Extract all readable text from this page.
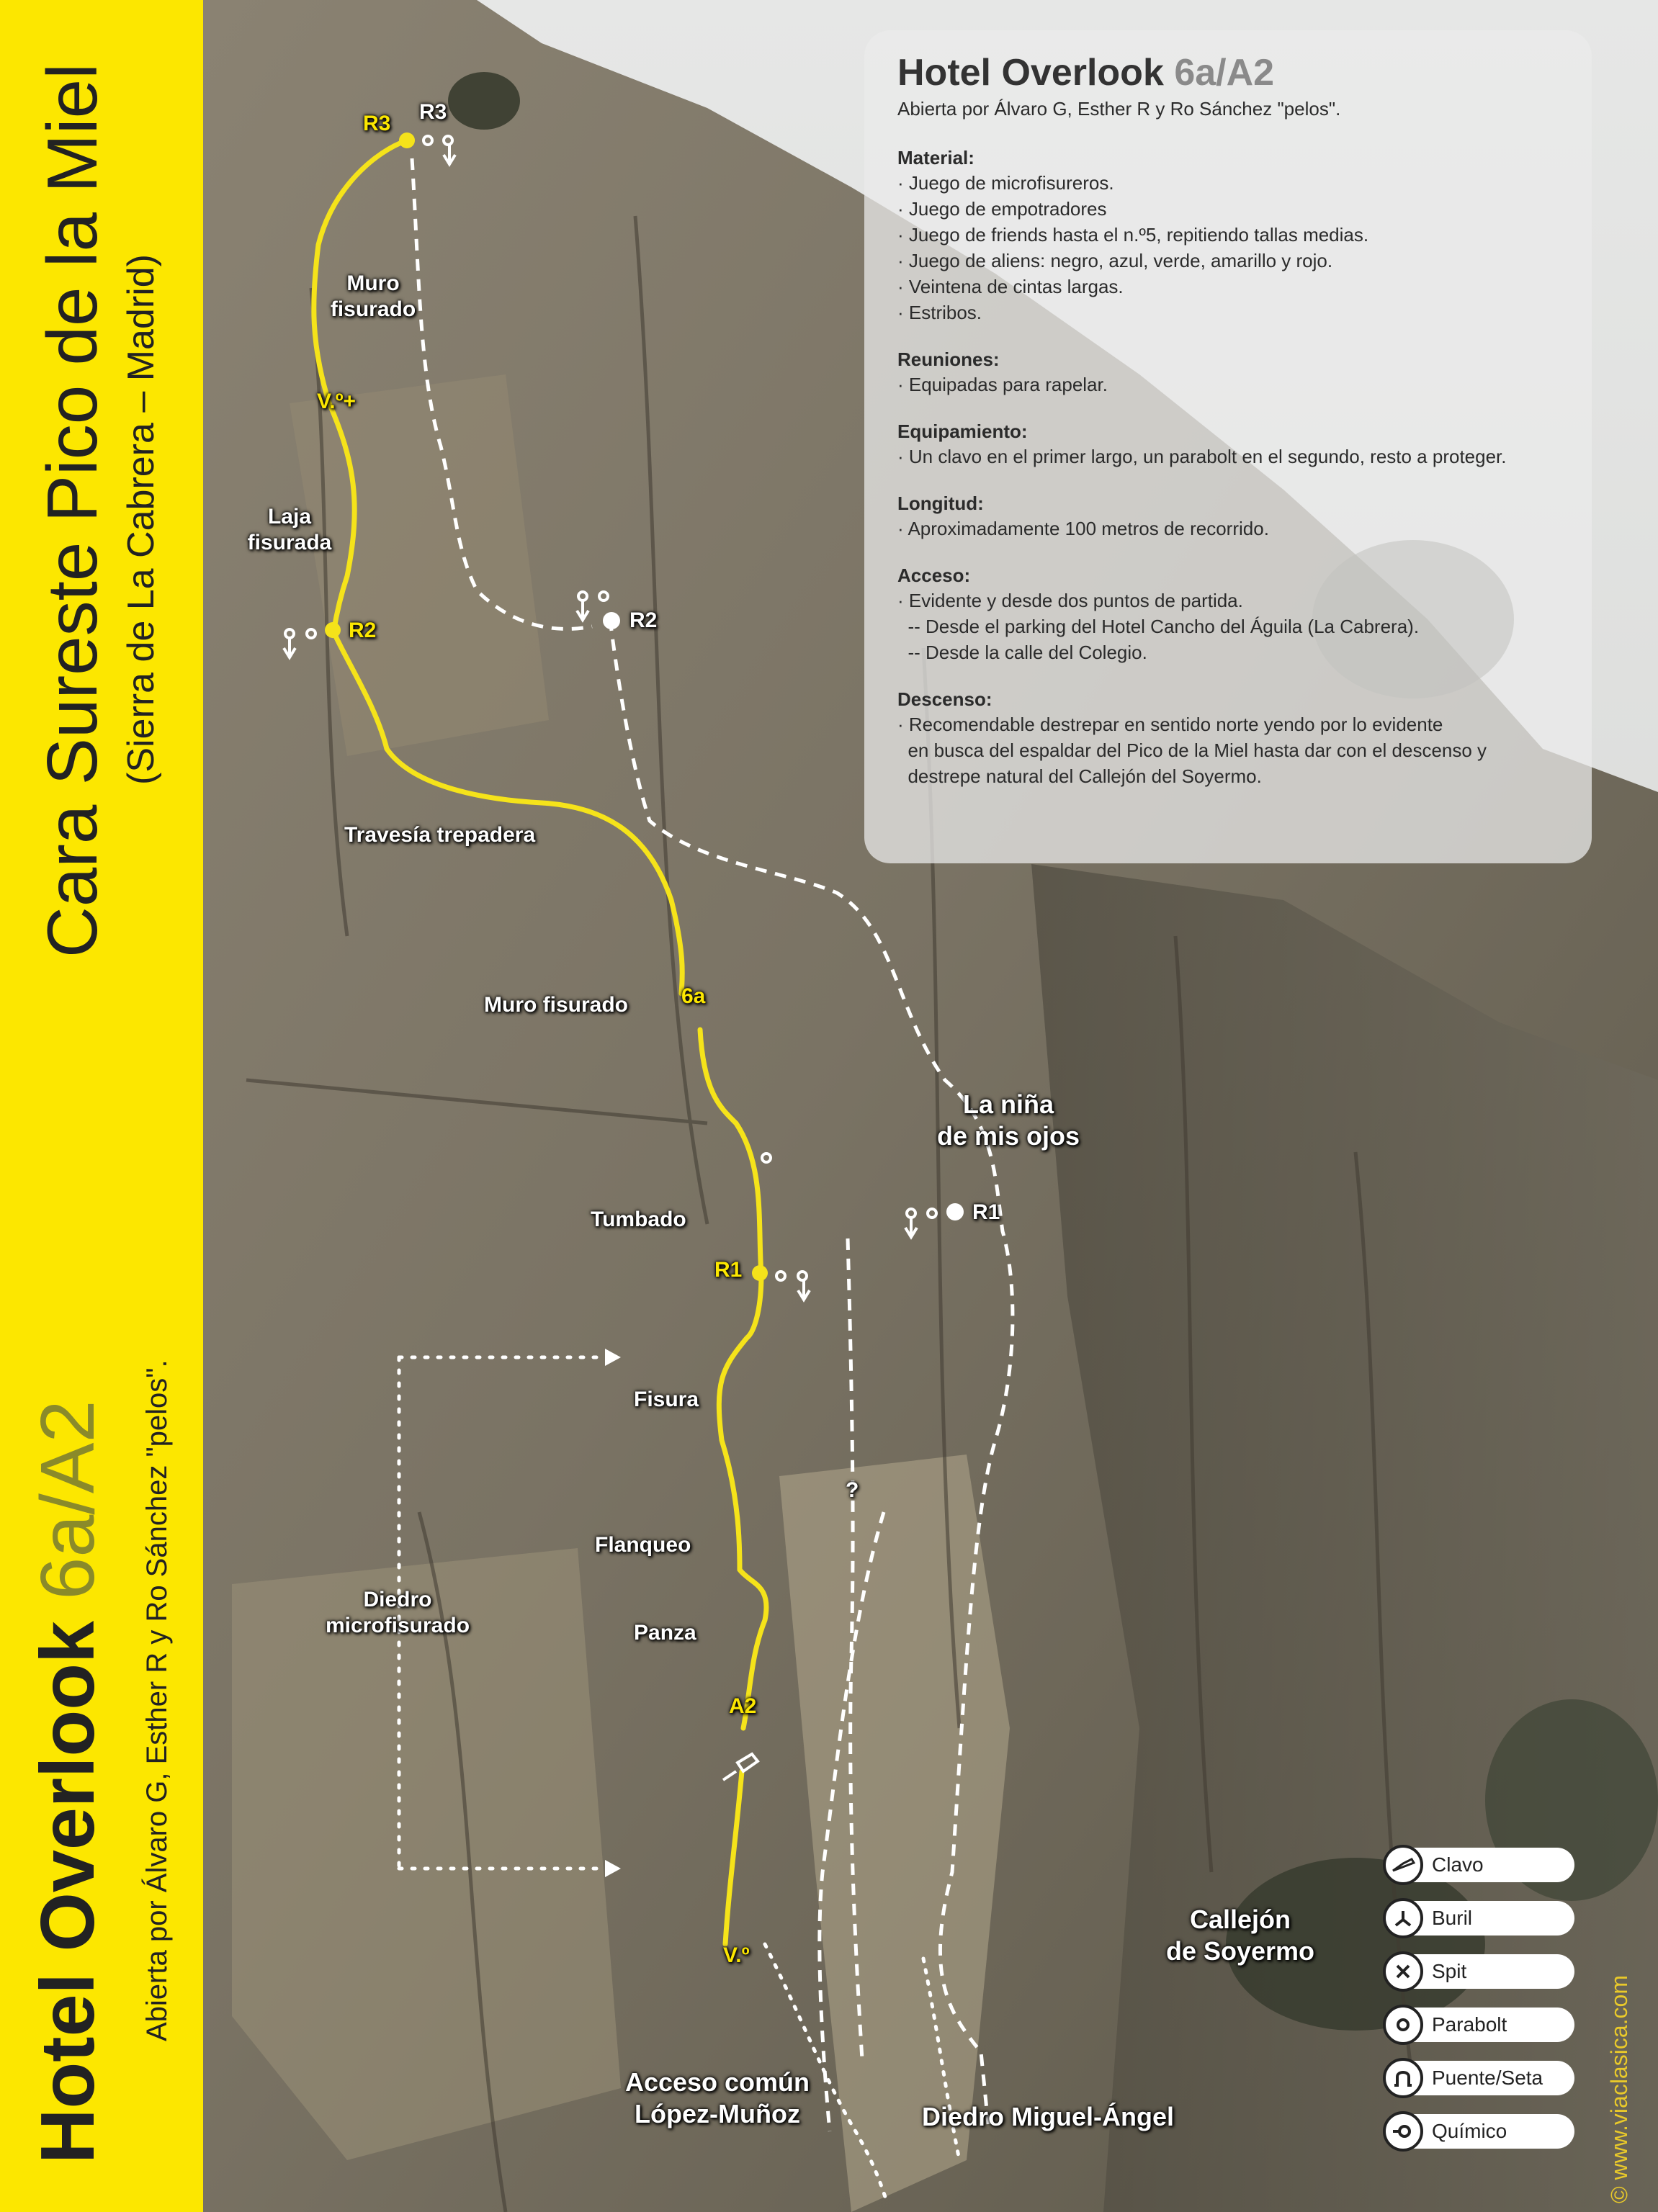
Cara Sureste Pico de la Miel (Sierra de La Cabrera – Madrid)
Hotel Overlook 6a/A2 Abierta por Álvaro G, Esther R y Ro Sánchez "pelos".
R3
R3
Muro
fisurado
V.º+
Laja
fisurada
R2	R2
Travesía trepadera
6a
Muro fisurado
La niña
de mis ojos
Tumbado	R1
R1
Fisura
?
Flanqueo
Diedro
microfisurado	Panza
A2
V.º
Callejón
de Soyermo
Acceso común
López-Muñoz	Diedro Miguel-Ángel
Hotel Overlook 6a/A2
Abierta por Álvaro G, Esther R y Ro Sánchez "pelos".
Material:
· Juego de microfisureros.
· Juego de empotradores
· Juego de friends hasta el n.º5, repitiendo tallas medias.
· Juego de aliens: negro, azul, verde, amarillo y rojo.
· Veintena de cintas largas.
· Estribos.
Reuniones:
· Equipadas para rapelar.
Equipamiento:
· Un clavo en el primer largo, un parabolt en el segundo, resto a proteger.
Longitud:
· Aproximadamente 100 metros de recorrido.
Acceso:
· Evidente y desde dos puntos de partida.
-- Desde el parking del Hotel Cancho del Águila (La Cabrera).
-- Desde la calle del Colegio.
Descenso:
· Recomendable destrepar en sentido norte yendo por lo evidente
en busca del espaldar del Pico de la Miel hasta dar con el descenso y
destrepe natural del Callejón del Soyermo.
Clavo
Buril
Spit
Parabolt
Puente/Seta
Químico	© www.viaclasica.com
